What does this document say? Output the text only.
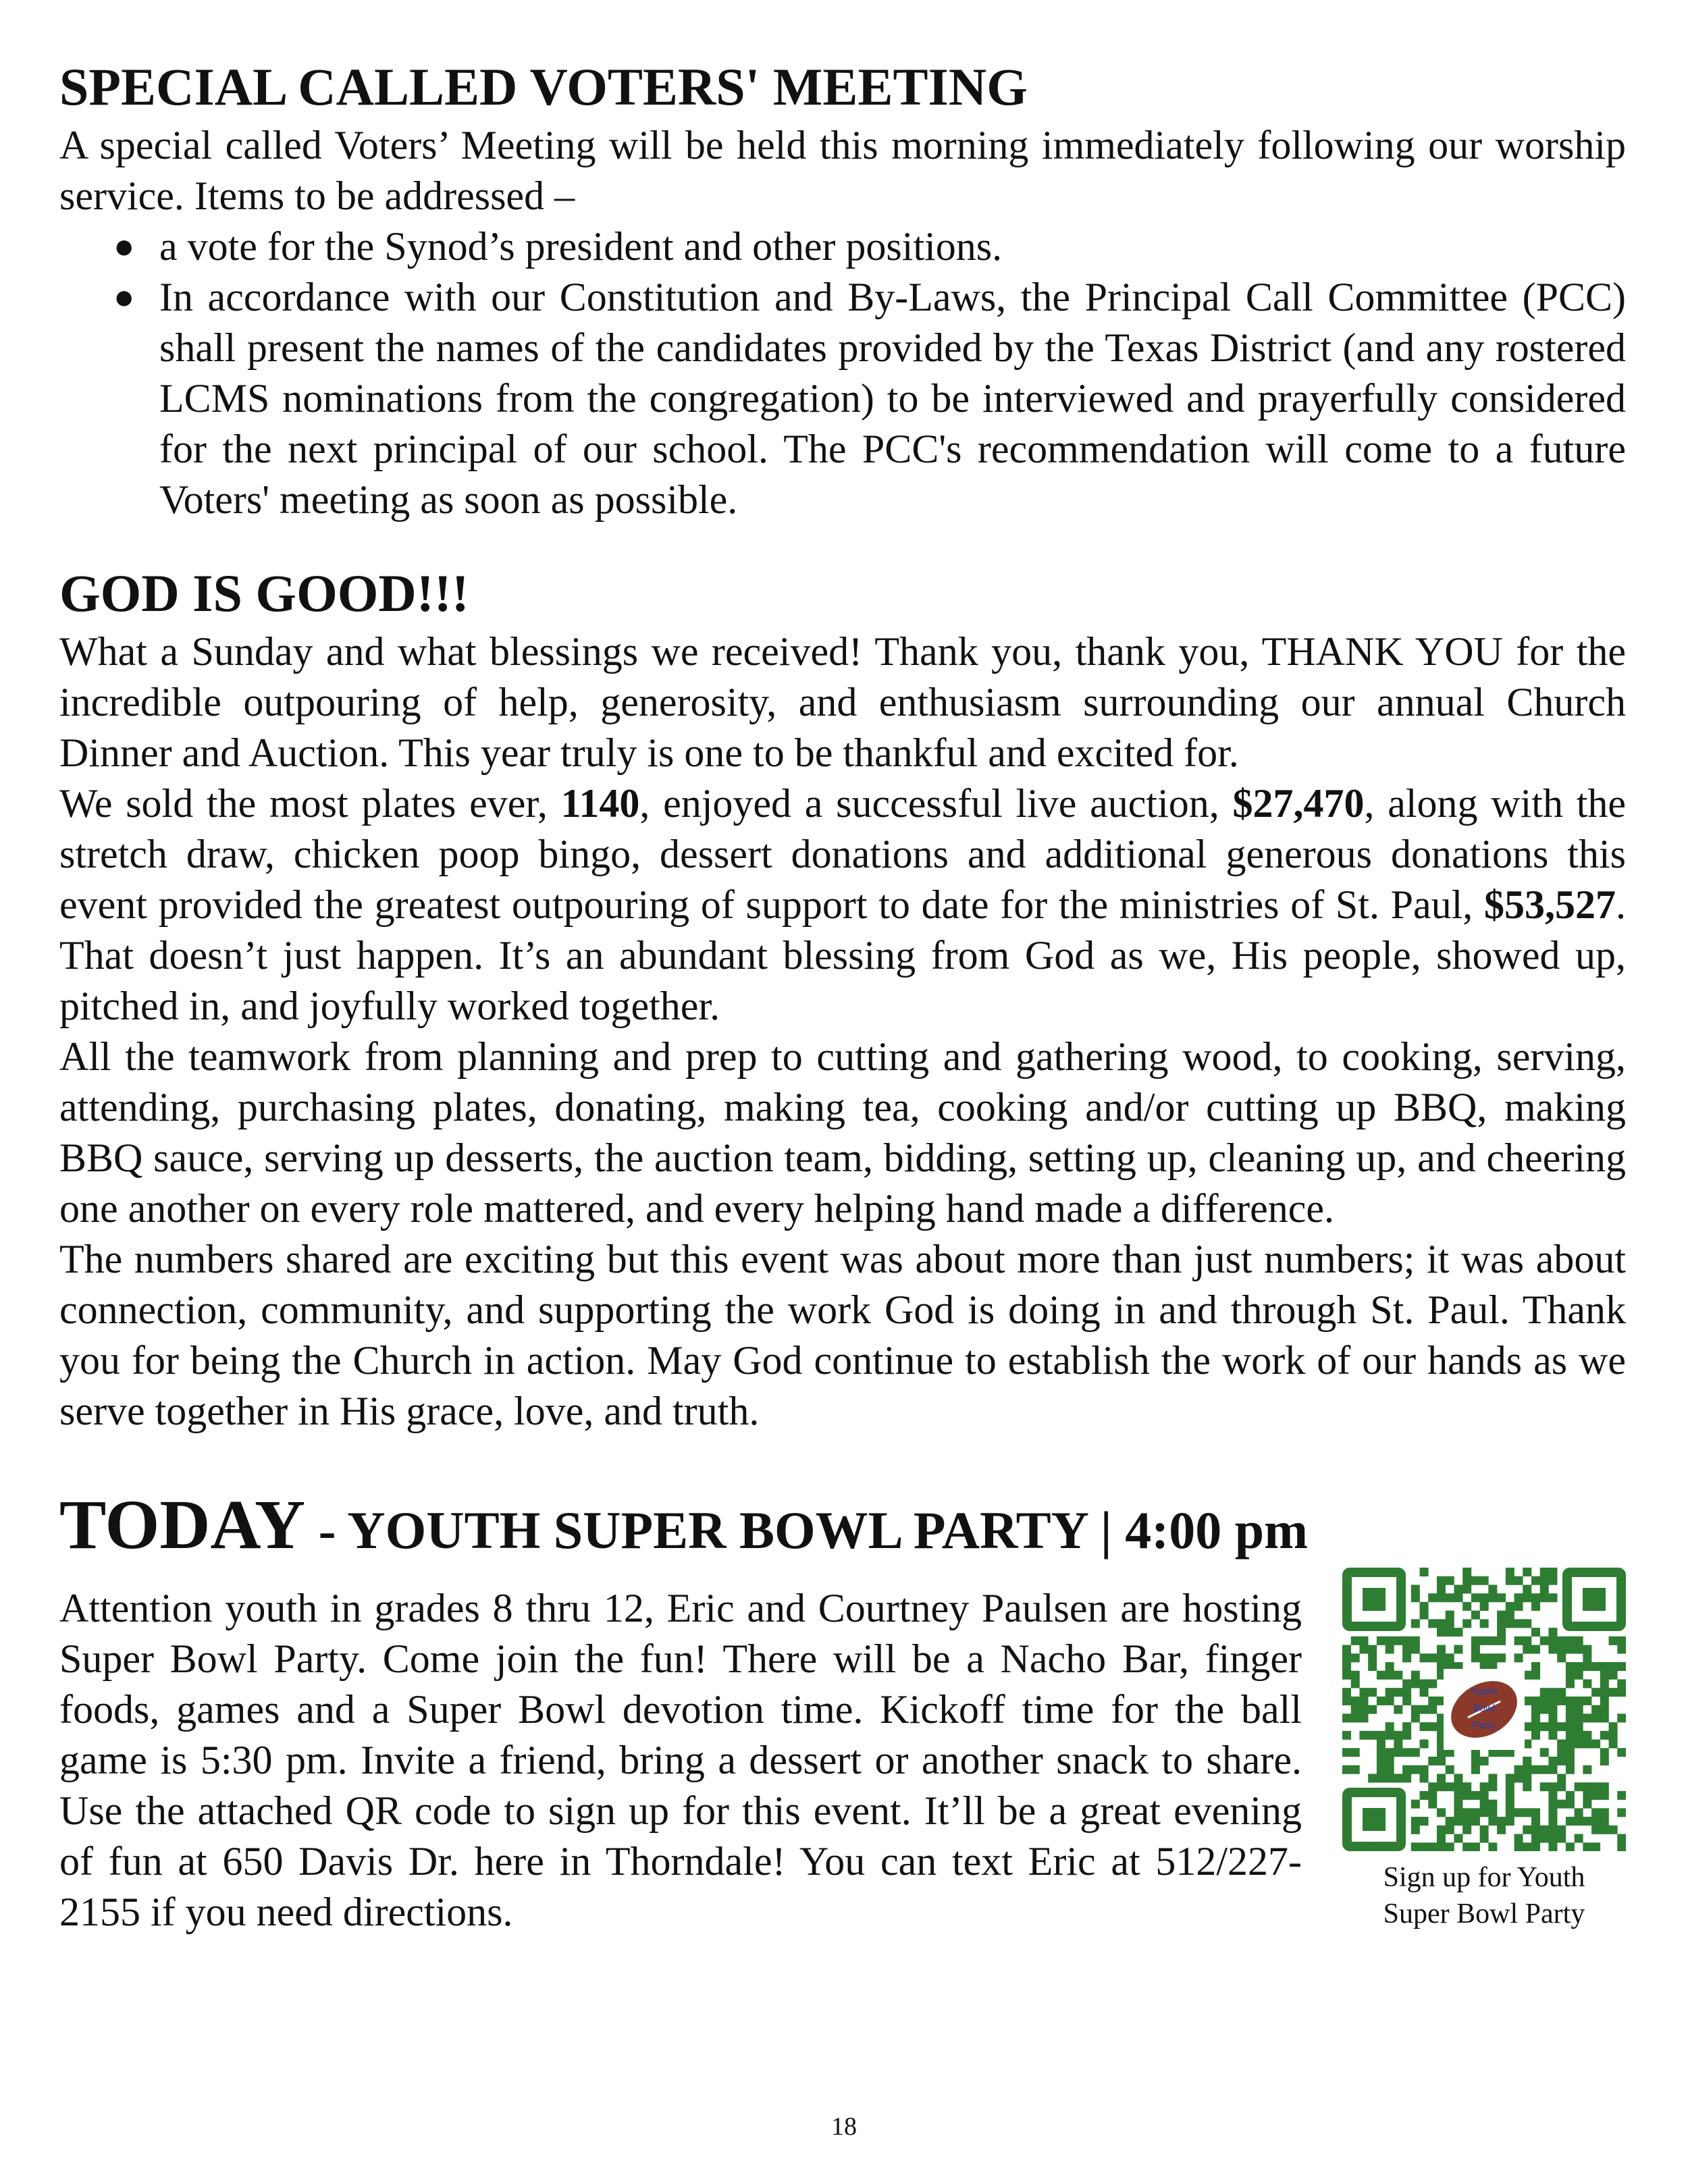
SPECIAL CALLED VOTERS' MEETING

A special called Voters’ Meeting will be held this morning immediately following our worship service. Items to be addressed –

● a vote for the Synod’s president and other positions.
● In accordance with our Constitution and By-Laws, the Principal Call Committee (PCC) shall present the names of the candidates provided by the Texas District (and any rostered LCMS nominations from the congregation) to be interviewed and prayerfully considered for the next principal of our school. The PCC's recommendation will come to a future Voters' meeting as soon as possible.
GOD IS GOOD!!!

What a Sunday and what blessings we received! Thank you, thank you, THANK YOU for the incredible outpouring of help, generosity, and enthusiasm surrounding our annual Church Dinner and Auction. This year truly is one to be thankful and excited for.

We sold the most plates ever, 1140, enjoyed a successful live auction, $27,470, along with the stretch draw, chicken poop bingo, dessert donations and additional generous donations this event provided the greatest outpouring of support to date for the ministries of St. Paul, $53,527. That doesn’t just happen. It’s an abundant blessing from God as we, His people, showed up, pitched in, and joyfully worked together.

All the teamwork from planning and prep to cutting and gathering wood, to cooking, serving, attending, purchasing plates, donating, making tea, cooking and/or cutting up BBQ, making BBQ sauce, serving up desserts, the auction team, bidding, setting up, cleaning up, and cheering one another on every role mattered, and every helping hand made a difference.

The numbers shared are exciting but this event was about more than just numbers; it was about connection, community, and supporting the work God is doing in and through St. Paul. Thank you for being the Church in action. May God continue to establish the work of our hands as we serve together in His grace, love, and truth.

TODAY - YOUTH SUPER BOWL PARTY | 4:00 pm

Attention youth in grades 8 thru 12, Eric and Courtney Paulsen are hosting Super Bowl Party. Come join the fun! There will be a Nacho Bar, finger foods, games and a Super Bowl devotion time. Kickoff time for the ball game is 5:30 pm. Invite a friend, bring a dessert or another snack to share. Use the attached QR code to sign up for this event. It’ll be a great evening of fun at 650 Davis Dr. here in Thorndale! You can text Eric at 512/227-2155 if you need directions.

Super
Bowl
Party
Sign up for Youth
Super Bowl Party
18
